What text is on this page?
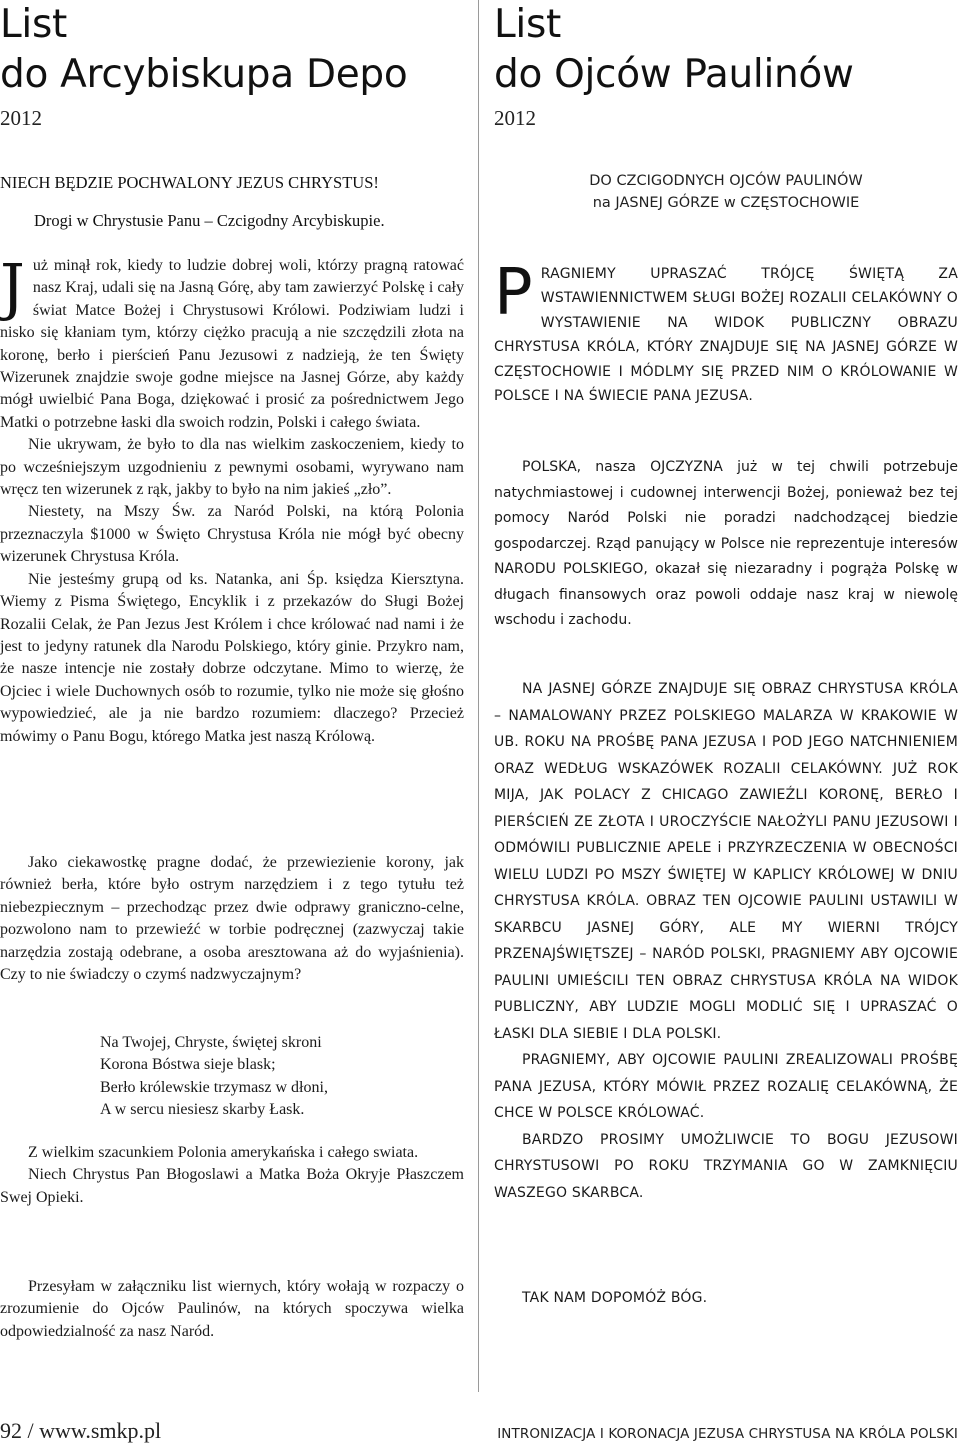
List
do Arcybiskupa Depo
2012
NIECH BĘDZIE POCHWALONY JEZUS CHRYSTUS!
Drogi w Chrystusie Panu – Czcigodny Arcybiskupie.

Już minął rok, kiedy to ludzie dobrej woli, którzy pragną ratować nasz Kraj, udali się na Jasną Górę, aby tam zawierzyć Polskę i cały świat Matce Bożej i Chrystusowi Królowi. Podziwiam ludzi i nisko się kłaniam tym, którzy ciężko pracują a nie szczędzili złota na koronę, berło i pierścień Panu Jezusowi z nadzieją, że ten Święty Wizerunek znajdzie swoje godne miejsce na Jasnej Górze, aby każdy mógł uwielbić Pana Boga, dziękować i prosić za pośrednictwem Jego Matki o potrzebne łaski dla swoich rodzin, Polski i całego świata.

Nie ukrywam, że było to dla nas wielkim zaskoczeniem, kiedy to po wcześniejszym uzgodnieniu z pewnymi osobami, wyrywano nam wręcz ten wizerunek z rąk, jakby to było na nim jakieś „zło”.

Niestety, na Mszy Św. za Naród Polski, na którą Polonia przeznaczyla $1000 w Święto Chrystusa Króla nie mógł być obecny wizerunek Chrystusa Króla.

Nie jesteśmy grupą od ks. Natanka, ani Śp. księdza Kiersztyna. Wiemy z Pisma Świętego, Encyklik i z przekazów do Sługi Bożej Rozalii Celak, że Pan Jezus Jest Królem i chce królować nad nami i że jest to jedyny ratunek dla Narodu Polskiego, który ginie. Przykro nam, że nasze intencje nie zostały dobrze odczytane. Mimo to wierzę, że Ojciec i wiele Duchownych osób to rozumie, tylko nie może się głośno wypowiedzieć, ale ja nie bardzo rozumiem: dlaczego? Przecież mówimy o Panu Bogu, którego Matka jest naszą Królową.

Jako ciekawostkę pragne dodać, że przewiezienie korony, jak również berła, które było ostrym narzędziem i z tego tytułu też niebezpiecznym – przechodząc przez dwie odprawy graniczno-celne, pozwolono nam to przewieźć w torbie podręcznej (zazwyczaj takie narzędzia zostają odebrane, a osoba aresztowana aż do wyjaśnienia). Czy to nie świadczy o czymś nadzwyczajnym?

Na Twojej, Chryste, świętej skroni
Korona Bóstwa sieje blask;
Berło królewskie trzymasz w dłoni,
A w sercu niesiesz skarby Łask.

Z wielkim szacunkiem Polonia amerykańska i całego swiata.

Niech Chrystus Pan Błogoslawi a Matka Boża Okryje Płaszczem Swej Opieki.

Przesyłam w załączniku list wiernych, który wołają w rozpaczy o zrozumienie do Ojców Paulinów, na których spoczywa wielka odpowiedzialność za nasz Naród.

List
do Ojców Paulinów
2012
DO CZCIGODNYCH OJCÓW PAULINÓW
na JASNEJ GÓRZE w CZĘSTOCHOWIE

PRAGNIEMY UPRASZAĆ TRÓJCĘ ŚWIĘTĄ ZA WSTAWIENNICTWEM SŁUGI BOŻEJ ROZALII CELAKÓWNY O WYSTAWIENIE NA WIDOK PUBLICZNY OBRAZU CHRYSTUSA KRÓLA, KTÓRY ZNAJDUJE SIĘ NA JASNEJ GÓRZE W CZĘSTOCHOWIE I MÓDLMY SIĘ PRZED NIM O KRÓLOWANIE W POLSCE I NA ŚWIECIE PANA JEZUSA.

POLSKA, nasza OJCZYZNA już w tej chwili potrzebuje natychmiastowej i cudownej interwencji Bożej, ponieważ bez tej pomocy Naród Polski nie poradzi nadchodzącej biedzie gospodarczej. Rząd panujący w Polsce nie reprezentuje interesów NARODU POLSKIEGO, okazał się niezaradny i pogrąża Polskę w długach finansowych oraz powoli oddaje nasz kraj w niewolę wschodu i zachodu.

NA JASNEJ GÓRZE ZNAJDUJE SIĘ OBRAZ CHRYSTUSA KRÓLA – NAMALOWANY PRZEZ POLSKIEGO MALARZA W KRAKOWIE W UB. ROKU NA PROŚBĘ PANA JEZUSA I POD JEGO NATCHNIENIEM ORAZ WEDŁUG WSKAZÓWEK ROZALII CELAKÓWNY. JUŻ ROK MIJA, JAK POLACY Z CHICAGO ZAWIEŹLI KORONĘ, BERŁO I PIERŚCIEŃ ZE ZŁOTA I UROCZYŚCIE NAŁOŻYLI PANU JEZUSOWI I ODMÓWILI PUBLICZNIE APELE i PRZYRZECZENIA W OBECNOŚCI WIELU LUDZI PO MSZY ŚWIĘTEJ W KAPLICY KRÓLOWEJ W DNIU CHRYSTUSA KRÓLA. OBRAZ TEN OJCOWIE PAULINI USTAWILI W SKARBCU JASNEJ GÓRY, ALE MY WIERNI TRÓJCY PRZENAJŚWIĘTSZEJ – NARÓD POLSKI, PRAGNIEMY ABY OJCOWIE PAULINI UMIEŚCILI TEN OBRAZ CHRYSTUSA KRÓLA NA WIDOK PUBLICZNY, ABY LUDZIE MOGLI MODLIĆ SIĘ I UPRASZAĆ O ŁASKI DLA SIEBIE I DLA POLSKI.

PRAGNIEMY, ABY OJCOWIE PAULINI ZREALIZOWALI PROŚBĘ PANA JEZUSA, KTÓRY MÓWIŁ PRZEZ ROZALIĘ CELAKÓWNĄ, ŻE CHCE W POLSCE KRÓLOWAĆ.

BARDZO PROSIMY UMOŻLIWCIE TO BOGU JEZUSOWI CHRYSTUSOWI PO ROKU TRZYMANIA GO W ZAMKNIĘCIU WASZEGO SKARBCA.

TAK NAM DOPOMÓŻ BÓG.

92 / www.smkp.pl	INTRONIZACJA I KORONACJA JEZUSA CHRYSTUSA NA KRÓLA POLSKI
